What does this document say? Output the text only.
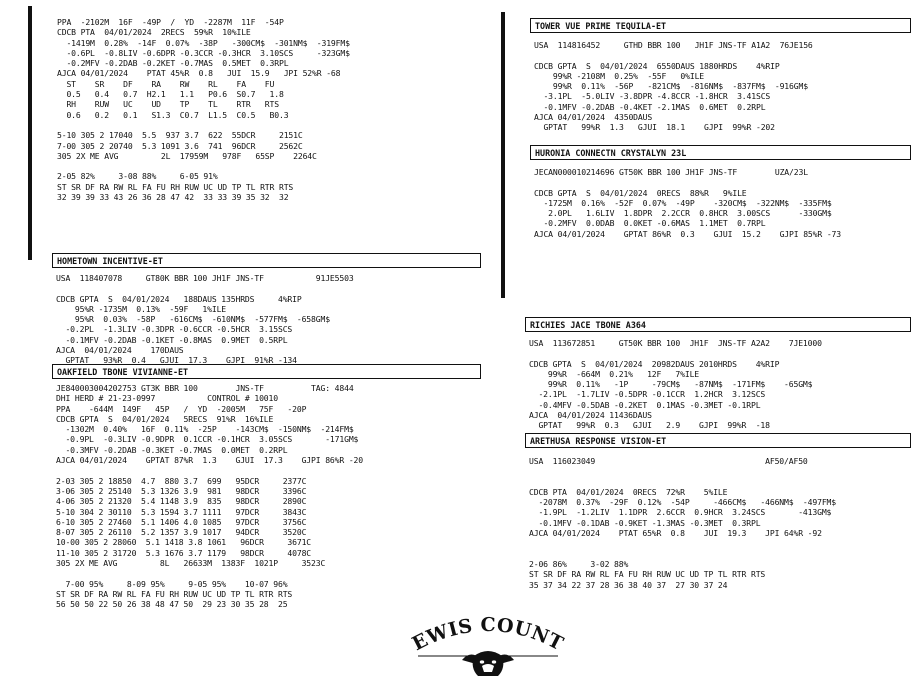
PPA  -2102M  16F  -49P  /  YD  -2287M  11F  -54P
CDCB PTA  04/01/2024  2RECS  59%R  10%ILE
-1419M  0.28%  -14F  0.07%  -38P   -300CM$  -301NM$  -319FM$
-0.6PL  -0.8LIV -0.6DPR -0.3CCR -0.3HCR  3.10SCS     -323GM$
-0.2MFV -0.2DAB -0.2KET -0.7MAS  0.5MET  0.3RPL
AJCA 04/01/2024    PTAT 45%R  0.8   JUI  15.9   JPI 52%R -68
ST    SR    DF    RA    RW    RL    FA    FU
0.5   0.4   0.7  H2.1   1.1   P0.6  S0.7   1.8
RH    RUW   UC    UD    TP    TL    RTR   RTS
0.6   0.2   0.1   S1.3  C0.7  L1.5  C0.5   B0.3

5-10 305 2 17040  5.5  937 3.7  622  55DCR     2151C
7-00 305 2 20740  5.3 1091 3.6  741  96DCR     2562C
305 2X ME AVG         2L  17959M   978F   65SP    2264C

2-05 82%     3-08 88%     6-05 91%
ST SR DF RA RW RL FA FU RH RUW UC UD TP TL RTR RTS
32 39 39 33 43 26 36 28 47 42  33 33 39 35 32  32
HOMETOWN INCENTIVE-ET
USA  118407078     GT80K BBR 100 JH1F JNS-TF           91JE5503

CDCB GPTA  S  04/01/2024   188DAUS 135HRDS     4%RIP
95%R -1735M  0.13%  -59F   1%ILE
95%R  0.03%  -58P   -616CM$  -610NM$  -577FM$  -658GM$
-0.2PL  -1.3LIV -0.3DPR -0.6CCR -0.5HCR  3.15SCS
-0.1MFV -0.2DAB -0.1KET -0.8MAS  0.9MET  0.5RPL
AJCA  04/01/2024    170DAUS
GPTAT   93%R  0.4   GJUI  17.3    GJPI  91%R -134
OAKFIELD TBONE VIVIANNE-ET
JE840003004202753 GT3K BBR 100        JNS-TF          TAG: 4844
DHI HERD # 21-23-0997           CONTROL # 10010
PPA    -644M  149F   45P   /  YD  -2005M   75F   -20P
CDCB GPTA  S  04/01/2024   5RECS  91%R  16%ILE
-1302M  0.40%   16F  0.11%  -25P    -143CM$  -150NM$  -214FM$
-0.9PL  -0.3LIV -0.9DPR  0.1CCR -0.1HCR  3.05SCS       -171GM$
-0.3MFV -0.2DAB -0.3KET -0.7MAS  0.0MET  0.2RPL
AJCA 04/01/2024    GPTAT 87%R  1.3    GJUI  17.3    GJPI 86%R -20

2-03 305 2 18850  4.7  880 3.7  699   95DCR     2377C
3-06 305 2 25140  5.3 1326 3.9  981   98DCR     3396C
4-06 305 2 21320  5.4 1148 3.9  835   98DCR     2890C
5-10 304 2 30110  5.3 1594 3.7 1111   97DCR     3843C
6-10 305 2 27460  5.1 1406 4.0 1085   97DCR     3756C
8-07 305 2 26110  5.2 1357 3.9 1017   94DCR     3520C
10-00 305 2 28060  5.1 1418 3.8 1061   96DCR     3671C
11-10 305 2 31720  5.3 1676 3.7 1179   98DCR     4078C
305 2X ME AVG         8L   26633M  1383F  1021P     3523C

7-00 95%     8-09 95%     9-05 95%    10-07 96%
ST SR DF RA RW RL FA FU RH RUW UC UD TP TL RTR RTS
56 50 50 22 50 26 38 48 47 50  29 23 30 35 28  25
TOWER VUE PRIME TEQUILA-ET
USA  114816452     GTHD BBR 100   JH1F JNS-TF A1A2  76JE156

CDCB GPTA  S  04/01/2024  6550DAUS 1880HRDS    4%RIP
99%R -2108M  0.25%  -55F   0%ILE
99%R  0.11%  -56P   -821CM$  -816NM$  -837FM$  -916GM$
-3.1PL  -5.0LIV -3.8DPR -4.8CCR -1.8HCR  3.41SCS
-0.1MFV -0.2DAB -0.4KET -2.1MAS  0.6MET  0.2RPL
AJCA 04/01/2024  4350DAUS
GPTAT   99%R  1.3   GJUI  18.1    GJPI  99%R -202
HURONIA CONNECTN CRYSTALYN 23L
JECAN000010214696 GT50K BBR 100 JH1F JNS-TF        UZA/23L

CDCB GPTA  S  04/01/2024  0RECS  88%R   9%ILE
-1725M  0.16%  -52F  0.07%  -49P    -320CM$  -322NM$  -335FM$
2.0PL   1.6LIV  1.8DPR  2.2CCR  0.8HCR  3.00SCS      -330GM$
-0.2MFV  0.0DAB  0.0KET -0.6MAS  1.1MET  0.7RPL
AJCA 04/01/2024    GPTAT 86%R  0.3    GJUI  15.2    GJPI 85%R -73
RICHIES JACE TBONE A364
USA  113672851     GT50K BBR 100  JH1F  JNS-TF A2A2    7JE1000

CDCB GPTA  S  04/01/2024  20982DAUS 2010HRDS    4%RIP
99%R  -664M  0.21%   12F   7%ILE
99%R  0.11%   -1P     -79CM$   -87NM$  -171FM$    -65GM$
-2.1PL  -1.7LIV -0.5DPR -0.1CCR  1.2HCR  3.12SCS
-0.4MFV -0.5DAB -0.2KET  0.1MAS -0.3MET -0.1RPL
AJCA  04/01/2024 11436DAUS
GPTAT   99%R  0.3   GJUI   2.9    GJPI  99%R  -18
ARETHUSA RESPONSE VISION-ET
USA  116023049                                    AF50/AF50

CDCB PTA  04/01/2024  0RECS  72%R    5%ILE
-2078M  0.37%  -29F  0.12%  -54P     -466CM$   -466NM$  -497FM$
-1.9PL  -1.2LIV  1.1DPR  2.6CCR  0.9HCR  3.24SCS       -413GM$
-0.1MFV -0.1DAB -0.9KET -1.3MAS -0.3MET  0.3RPL
AJCA 04/01/2024    PTAT 65%R  0.8    JUI  19.3    JPI 64%R -92

2-06 86%     3-02 88%
ST SR DF RA RW RL FA FU RH RUW UC UD TP TL RTR RTS
35 37 34 22 37 28 36 38 40 37  27 30 37 24
EWIS COUNT
